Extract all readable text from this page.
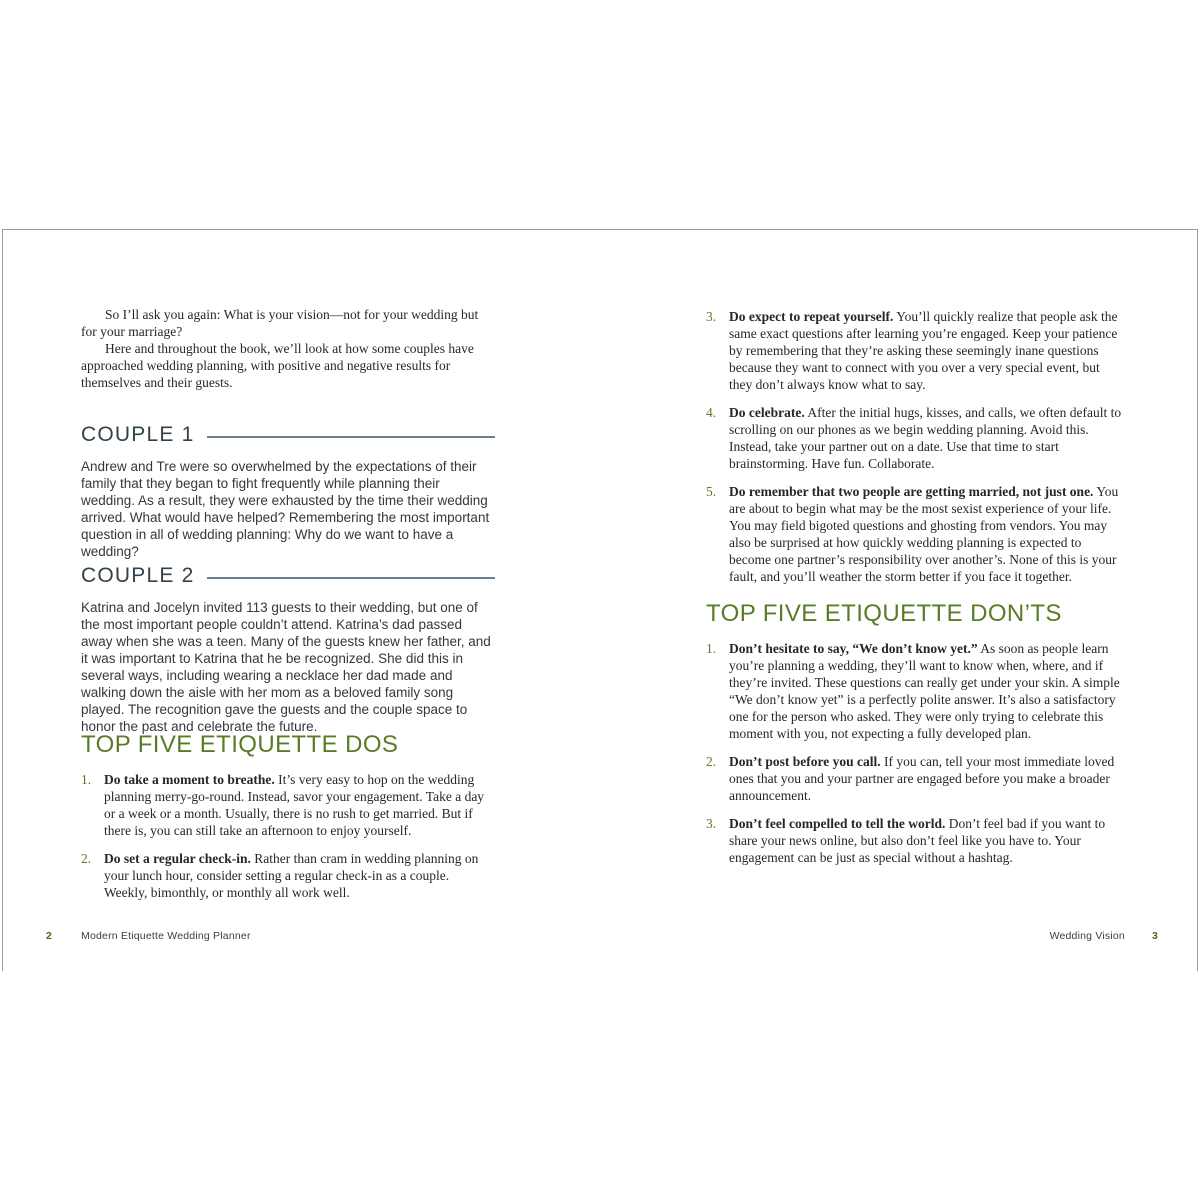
So I’ll ask you again: What is your vision—not for your wedding but for your marriage?

Here and throughout the book, we’ll look at how some couples have approached wedding planning, with positive and negative results for themselves and their guests.

COUPLE 1

Andrew and Tre were so overwhelmed by the expectations of their family that they began to fight frequently while planning their wedding. As a result, they were exhausted by the time their wedding arrived. What would have helped? Remembering the most important question in all of wedding planning: Why do we want to have a wedding?

COUPLE 2

Katrina and Jocelyn invited 113 guests to their wedding, but one of the most important people couldn’t attend. Katrina’s dad passed away when she was a teen. Many of the guests knew her father, and it was important to Katrina that he be recognized. She did this in several ways, including wearing a necklace her dad made and walking down the aisle with her mom as a beloved family song played. The recognition gave the guests and the couple space to honor the past and celebrate the future.

TOP FIVE ETIQUETTE DOS
1. Do take a moment to breathe. It’s very easy to hop on the wedding planning merry-go-round. Instead, savor your engagement. Take a day or a week or a month. Usually, there is no rush to get married. But if there is, you can still take an afternoon to enjoy yourself.

2. Do set a regular check-in. Rather than cram in wedding planning on your lunch hour, consider setting a regular check-in as a couple. Weekly, bimonthly, or monthly all work well.

2	Modern Etiquette Wedding Planner
3. Do expect to repeat yourself. You’ll quickly realize that people ask the same exact questions after learning you’re engaged. Keep your patience by remembering that they’re asking these seemingly inane questions because they want to connect with you over a very special event, but they don’t always know what to say.

4. Do celebrate. After the initial hugs, kisses, and calls, we often default to scrolling on our phones as we begin wedding planning. Avoid this. Instead, take your partner out on a date. Use that time to start brainstorming. Have fun. Collaborate.

5. Do remember that two people are getting married, not just one. You are about to begin what may be the most sexist experience of your life. You may field bigoted questions and ghosting from vendors. You may also be surprised at how quickly wedding planning is expected to become one partner’s responsibility over another’s. None of this is your fault, and you’ll weather the storm better if you face it together.

TOP FIVE ETIQUETTE DON’TS
1. Don’t hesitate to say, “We don’t know yet.” As soon as people learn you’re planning a wedding, they’ll want to know when, where, and if they’re invited. These questions can really get under your skin. A simple “We don’t know yet” is a perfectly polite answer. It’s also a satisfactory one for the person who asked. They were only trying to celebrate this moment with you, not expecting a fully developed plan.

2. Don’t post before you call. If you can, tell your most immediate loved ones that you and your partner are engaged before you make a broader announcement.

3. Don’t feel compelled to tell the world. Don’t feel bad if you want to share your news online, but also don’t feel like you have to. Your engagement can be just as special without a hashtag.

Wedding Vision	3
